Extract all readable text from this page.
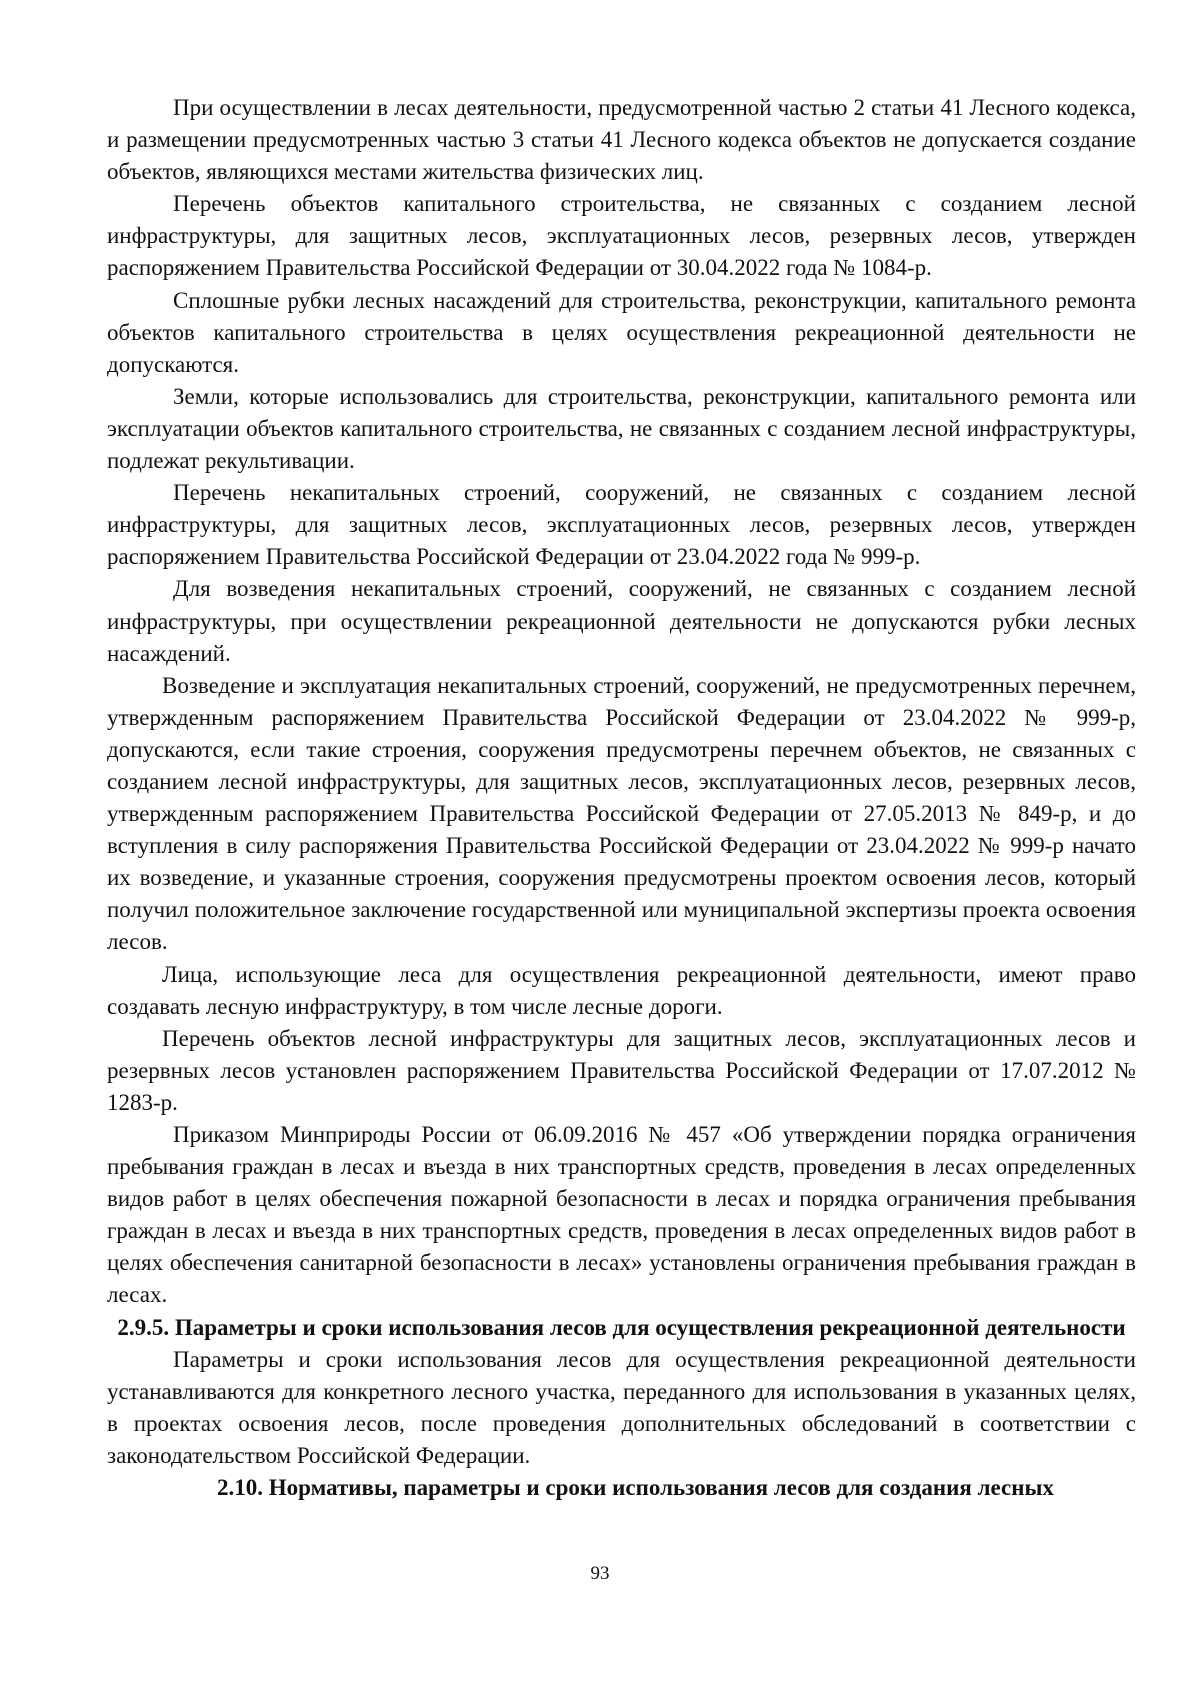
При осуществлении в лесах деятельности, предусмотренной частью 2 статьи 41 Лесного кодекса, и размещении предусмотренных частью 3 статьи 41 Лесного кодекса объектов не допускается создание объектов, являющихся местами жительства физических лиц.

Перечень объектов капитального строительства, не связанных с созданием лесной инфраструктуры, для защитных лесов, эксплуатационных лесов, резервных лесов, утвержден распоряжением Правительства Российской Федерации от 30.04.2022 года № 1084-р.

Сплошные рубки лесных насаждений для строительства, реконструкции, капитального ремонта объектов капитального строительства в целях осуществления рекреационной деятельности не допускаются.

Земли, которые использовались для строительства, реконструкции, капитального ремонта или эксплуатации объектов капитального строительства, не связанных с созданием лесной инфраструктуры, подлежат рекультивации.

Перечень некапитальных строений, сооружений, не связанных с созданием лесной инфраструктуры, для защитных лесов, эксплуатационных лесов, резервных лесов, утвержден распоряжением Правительства Российской Федерации от 23.04.2022 года № 999-р.

Для возведения некапитальных строений, сооружений, не связанных с созданием лесной инфраструктуры, при осуществлении рекреационной деятельности не допускаются рубки лесных насаждений.

Возведение и эксплуатация некапитальных строений, сооружений, не предусмотренных перечнем, утвержденным распоряжением Правительства Российской Федерации от 23.04.2022 № 999-р, допускаются, если такие строения, сооружения предусмотрены перечнем объектов, не связанных с созданием лесной инфраструктуры, для защитных лесов, эксплуатационных лесов, резервных лесов, утвержденным распоряжением Правительства Российской Федерации от 27.05.2013 № 849-р, и до вступления в силу распоряжения Правительства Российской Федерации от 23.04.2022 № 999-р начато их возведение, и указанные строения, сооружения предусмотрены проектом освоения лесов, который получил положительное заключение государственной или муниципальной экспертизы проекта освоения лесов.

Лица, использующие леса для осуществления рекреационной деятельности, имеют право создавать лесную инфраструктуру, в том числе лесные дороги.

Перечень объектов лесной инфраструктуры для защитных лесов, эксплуатационных лесов и резервных лесов установлен распоряжением Правительства Российской Федерации от 17.07.2012 № 1283-р.

Приказом Минприроды России от 06.09.2016 № 457 «Об утверждении порядка ограничения пребывания граждан в лесах и въезда в них транспортных средств, проведения в лесах определенных видов работ в целях обеспечения пожарной безопасности в лесах и порядка ограничения пребывания граждан в лесах и въезда в них транспортных средств, проведения в лесах определенных видов работ в целях обеспечения санитарной безопасности в лесах» установлены ограничения пребывания граждан в лесах.

2.9.5. Параметры и сроки использования лесов для осуществления рекреационной деятельности

Параметры и сроки использования лесов для осуществления рекреационной деятельности устанавливаются для конкретного лесного участка, переданного для использования в указанных целях, в проектах освоения лесов, после проведения дополнительных обследований в соответствии с законодательством Российской Федерации.

2.10. Нормативы, параметры и сроки использования лесов для создания лесных

93
